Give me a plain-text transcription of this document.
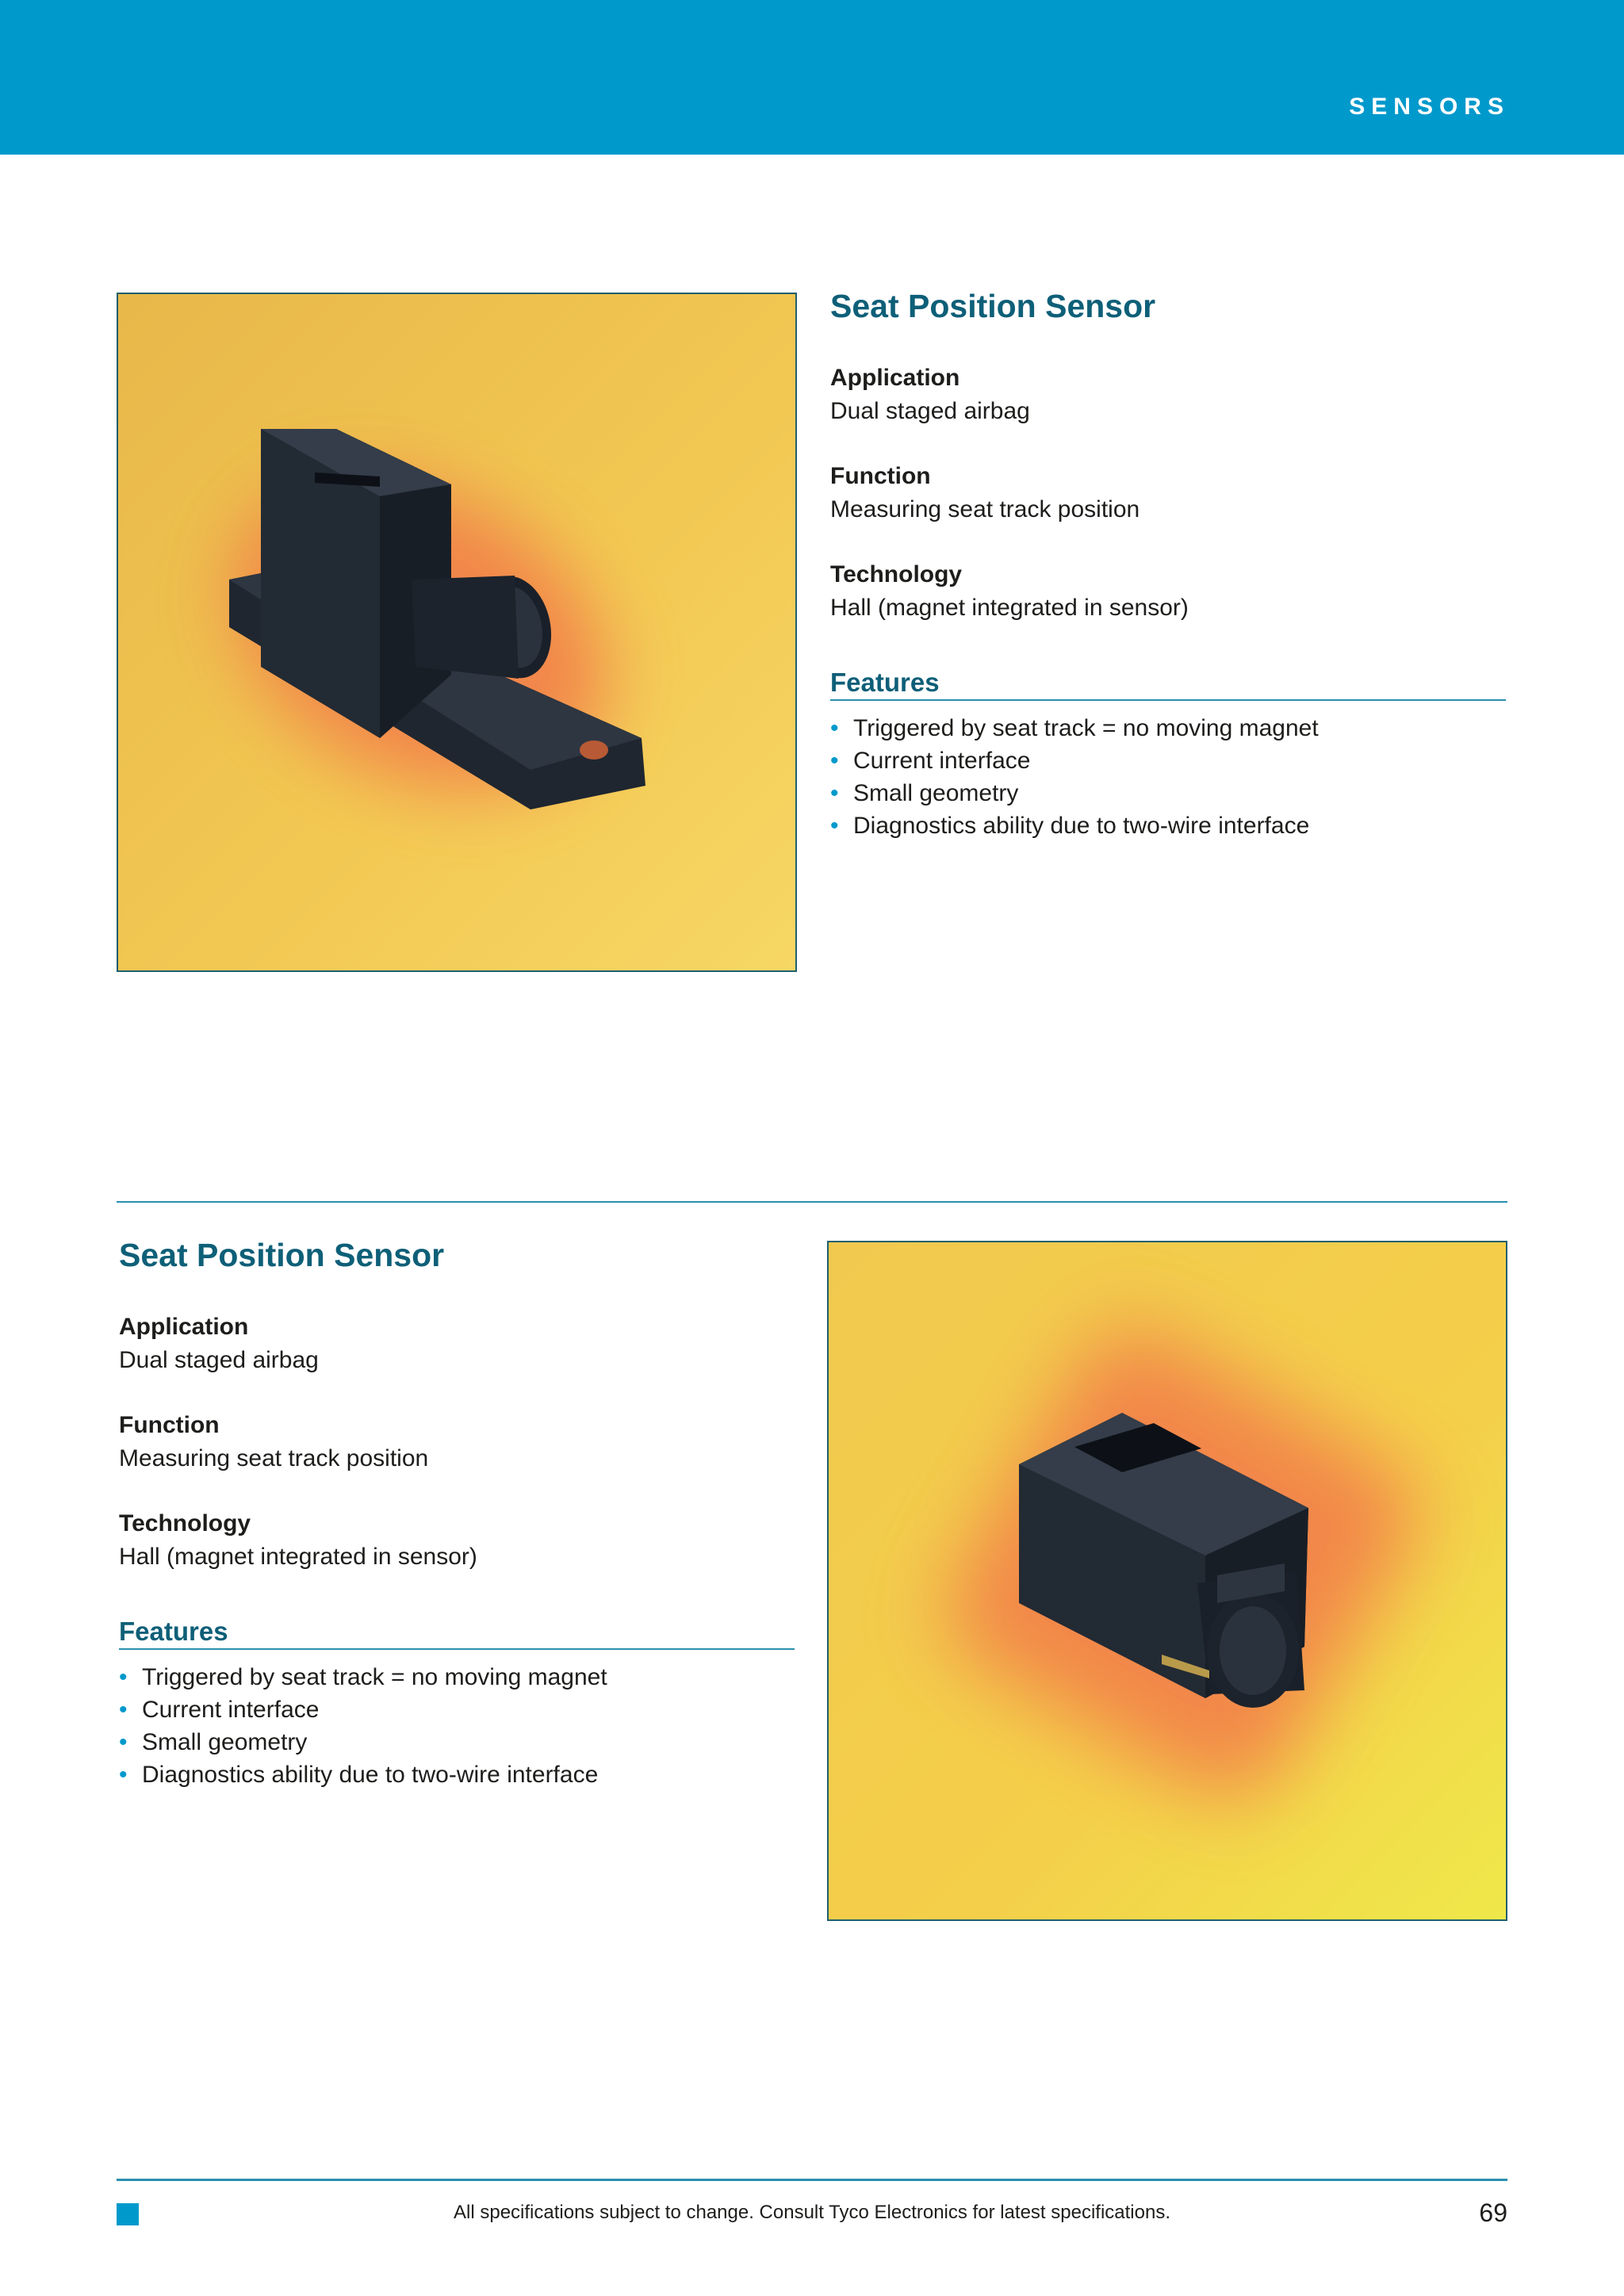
SENSORS
Seat Position Sensor
Application
Dual staged airbag
Function
Measuring seat track position
Technology
Hall (magnet integrated in sensor)
Features
• Triggered by seat track = no moving magnet
• Current interface
• Small geometry
• Diagnostics ability due to two-wire interface
Seat Position Sensor
Application
Dual staged airbag
Function
Measuring seat track position
Technology
Hall (magnet integrated in sensor)
Features
• Triggered by seat track = no moving magnet
• Current interface
• Small geometry
• Diagnostics ability due to two-wire interface
All specifications subject to change. Consult Tyco Electronics for latest specifications.	69
